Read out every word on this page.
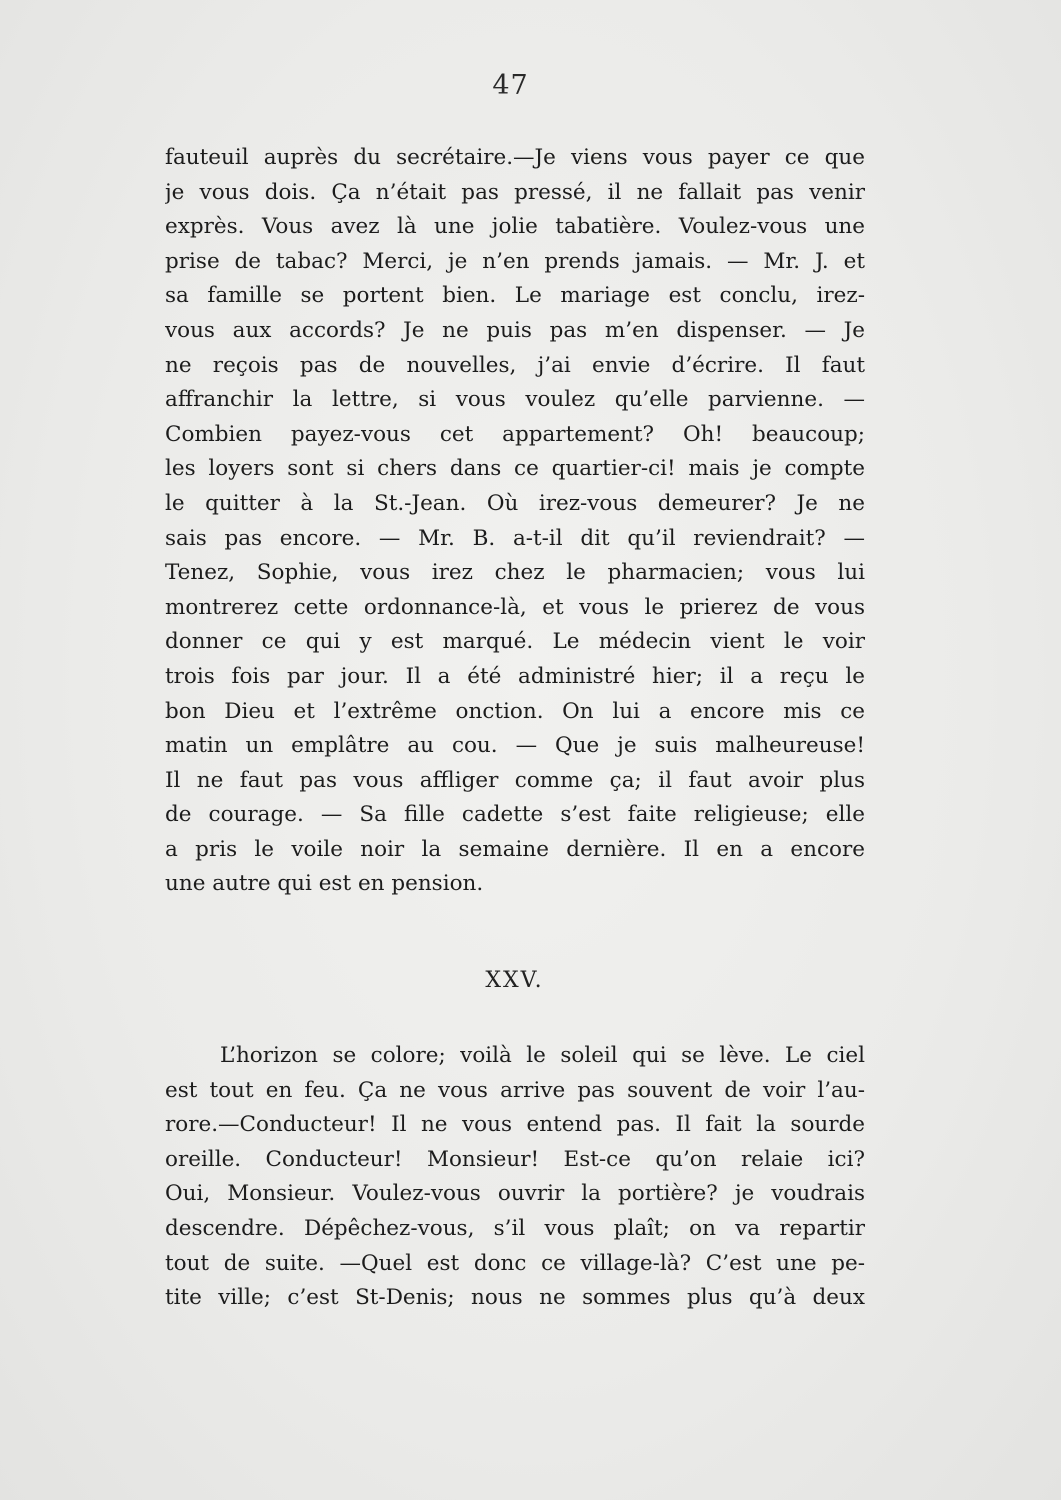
47
fauteuil auprès du secrétaire.—Je viens vous payer ce que
je vous dois. Ça n’était pas pressé, il ne fallait pas venir
exprès. Vous avez là une jolie tabatière. Voulez-vous une
prise de tabac? Merci, je n’en prends jamais. — Mr. J. et
sa famille se portent bien. Le mariage est conclu, irez-
vous aux accords? Je ne puis pas m’en dispenser. — Je
ne reçois pas de nouvelles, j’ai envie d’écrire. Il faut
affranchir la lettre, si vous voulez qu’elle parvienne. —
Combien payez-vous cet appartement? Oh! beaucoup;
les loyers sont si chers dans ce quartier-ci! mais je compte
le quitter à la St.-Jean. Où irez-vous demeurer? Je ne
sais pas encore. — Mr. B. a-t-il dit qu’il reviendrait? —
Tenez, Sophie, vous irez chez le pharmacien; vous lui
montrerez cette ordonnance-là, et vous le prierez de vous
donner ce qui y est marqué. Le médecin vient le voir
trois fois par jour. Il a été administré hier; il a reçu le
bon Dieu et l’extrême onction. On lui a encore mis ce
matin un emplâtre au cou. — Que je suis malheureuse!
Il ne faut pas vous affliger comme ça; il faut avoir plus
de courage. — Sa fille cadette s’est faite religieuse; elle
a pris le voile noir la semaine dernière. Il en a encore
une autre qui est en pension.
XXV.
L’horizon se colore; voilà le soleil qui se lève. Le ciel
est tout en feu. Ça ne vous arrive pas souvent de voir l’au-
rore.—Conducteur! Il ne vous entend pas. Il fait la sourde
oreille. Conducteur! Monsieur! Est-ce qu’on relaie ici?
Oui, Monsieur. Voulez-vous ouvrir la portière? je voudrais
descendre. Dépêchez-vous, s’il vous plaît; on va repartir
tout de suite. —Quel est donc ce village-là? C’est une pe-
tite ville; c’est St-Denis; nous ne sommes plus qu’à deux
